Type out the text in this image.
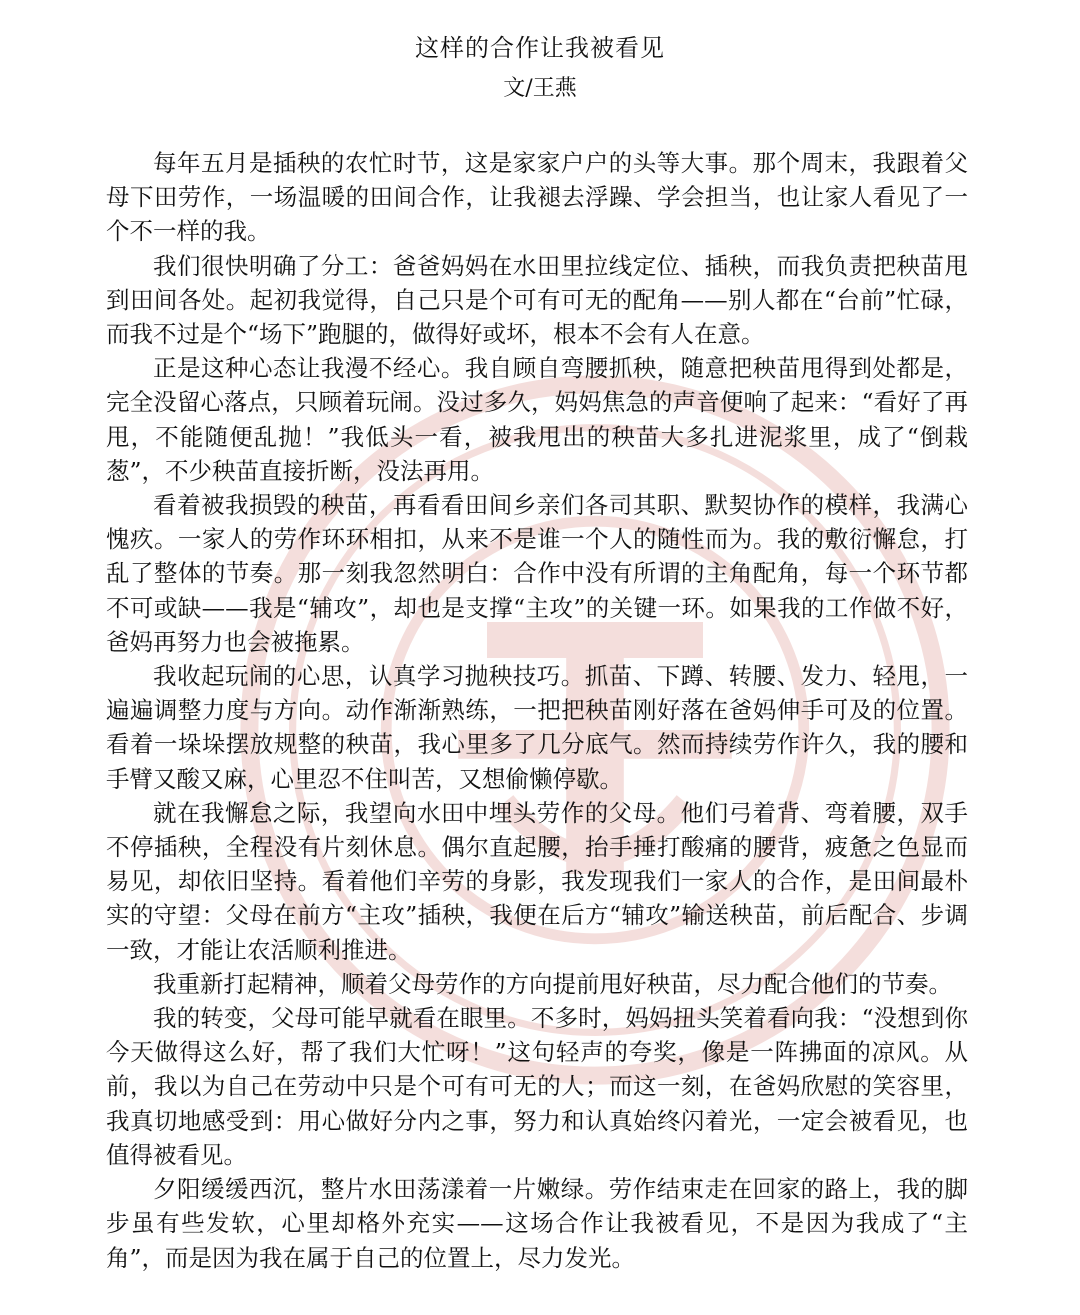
这样的合作让我被看见
文/王燕

每年五月是插秧的农忙时节，这是家家户户的头等大事。那个周末，我跟着父母下田劳作，一场温暖的田间合作，让我褪去浮躁、学会担当，也让家人看见了一个不一样的我。

我们很快明确了分工：爸爸妈妈在水田里拉线定位、插秧，而我负责把秧苗甩到田间各处。起初我觉得，自己只是个可有可无的配角——别人都在“台前”忙碌，而我不过是个“场下”跑腿的，做得好或坏，根本不会有人在意。

正是这种心态让我漫不经心。我自顾自弯腰抓秧，随意把秧苗甩得到处都是，完全没留心落点，只顾着玩闹。没过多久，妈妈焦急的声音便响了起来：“看好了再甩，不能随便乱抛！”我低头一看，被我甩出的秧苗大多扎进泥浆里，成了“倒栽葱”，不少秧苗直接折断，没法再用。

看着被我损毁的秧苗，再看看田间乡亲们各司其职、默契协作的模样，我满心愧疚。一家人的劳作环环相扣，从来不是谁一个人的随性而为。我的敷衍懈怠，打乱了整体的节奏。那一刻我忽然明白：合作中没有所谓的主角配角，每一个环节都不可或缺——我是“辅攻”，却也是支撑“主攻”的关键一环。如果我的工作做不好，爸妈再努力也会被拖累。

我收起玩闹的心思，认真学习抛秧技巧。抓苗、下蹲、转腰、发力、轻甩，一遍遍调整力度与方向。动作渐渐熟练，一把把秧苗刚好落在爸妈伸手可及的位置。看着一垛垛摆放规整的秧苗，我心里多了几分底气。然而持续劳作许久，我的腰和手臂又酸又麻，心里忍不住叫苦，又想偷懒停歇。

就在我懈怠之际，我望向水田中埋头劳作的父母。他们弓着背、弯着腰，双手不停插秧，全程没有片刻休息。偶尔直起腰，抬手捶打酸痛的腰背，疲惫之色显而易见，却依旧坚持。看着他们辛劳的身影，我发现我们一家人的合作，是田间最朴实的守望：父母在前方“主攻”插秧，我便在后方“辅攻”输送秧苗，前后配合、步调一致，才能让农活顺利推进。

我重新打起精神，顺着父母劳作的方向提前甩好秧苗，尽力配合他们的节奏。

我的转变，父母可能早就看在眼里。不多时，妈妈扭头笑着看向我：“没想到你今天做得这么好，帮了我们大忙呀！”这句轻声的夸奖，像是一阵拂面的凉风。从前，我以为自己在劳动中只是个可有可无的人；而这一刻，在爸妈欣慰的笑容里，我真切地感受到：用心做好分内之事，努力和认真始终闪着光，一定会被看见，也值得被看见。

夕阳缓缓西沉，整片水田荡漾着一片嫩绿。劳作结束走在回家的路上，我的脚步虽有些发软，心里却格外充实——这场合作让我被看见，不是因为我成了“主角”，而是因为我在属于自己的位置上，尽力发光。
